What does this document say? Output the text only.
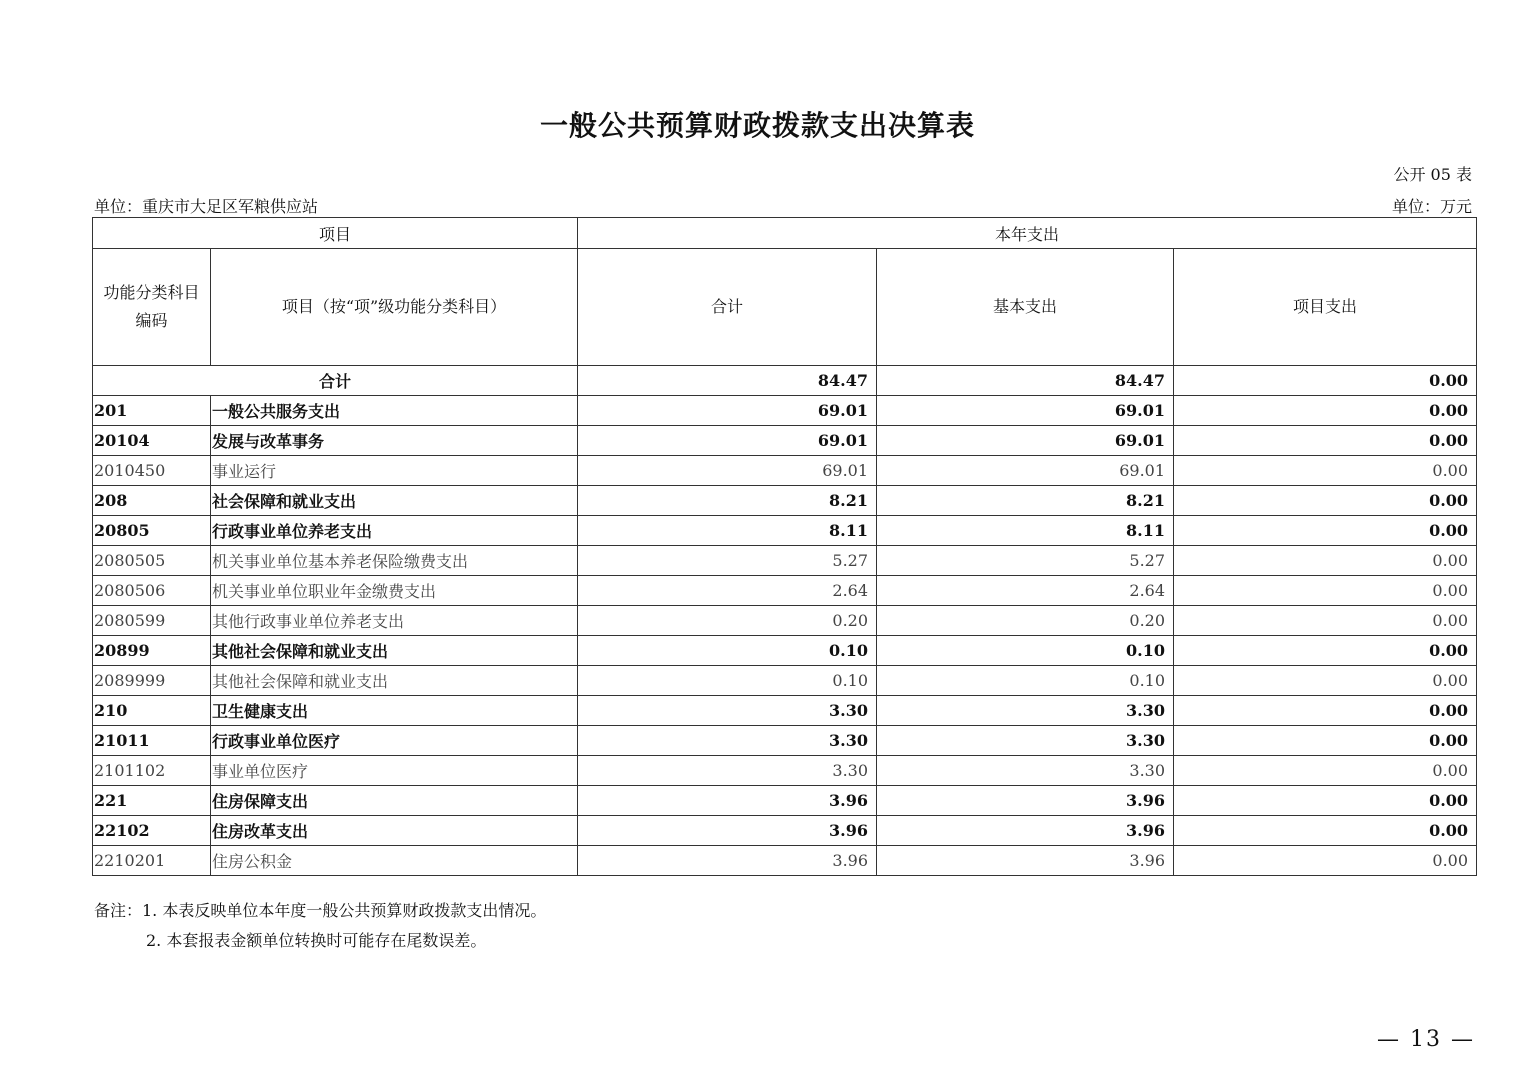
一般公共预算财政拨款支出决算表
公开 05 表
单位：重庆市大足区军粮供应站	单位：万元
项目		本年支出		
功能分类科目编码	项目（按“项”级功能分类科目）	合计	基本支出	项目支出
合计		84.47	84.47	0.00
201	一般公共服务支出	69.01	69.01	0.00
20104	发展与改革事务	69.01	69.01	0.00
2010450	事业运行	69.01	69.01	0.00
208	社会保障和就业支出	8.21	8.21	0.00
20805	行政事业单位养老支出	8.11	8.11	0.00
2080505	机关事业单位基本养老保险缴费支出	5.27	5.27	0.00
2080506	机关事业单位职业年金缴费支出	2.64	2.64	0.00
2080599	其他行政事业单位养老支出	0.20	0.20	0.00
20899	其他社会保障和就业支出	0.10	0.10	0.00
2089999	其他社会保障和就业支出	0.10	0.10	0.00
210	卫生健康支出	3.30	3.30	0.00
21011	行政事业单位医疗	3.30	3.30	0.00
2101102	事业单位医疗	3.30	3.30	0.00
221	住房保障支出	3.96	3.96	0.00
22102	住房改革支出	3.96	3.96	0.00
2210201	住房公积金	3.96	3.96	0.00
备注：1. 本表反映单位本年度一般公共预算财政拨款支出情况。
2. 本套报表金额单位转换时可能存在尾数误差。
— 13 —
